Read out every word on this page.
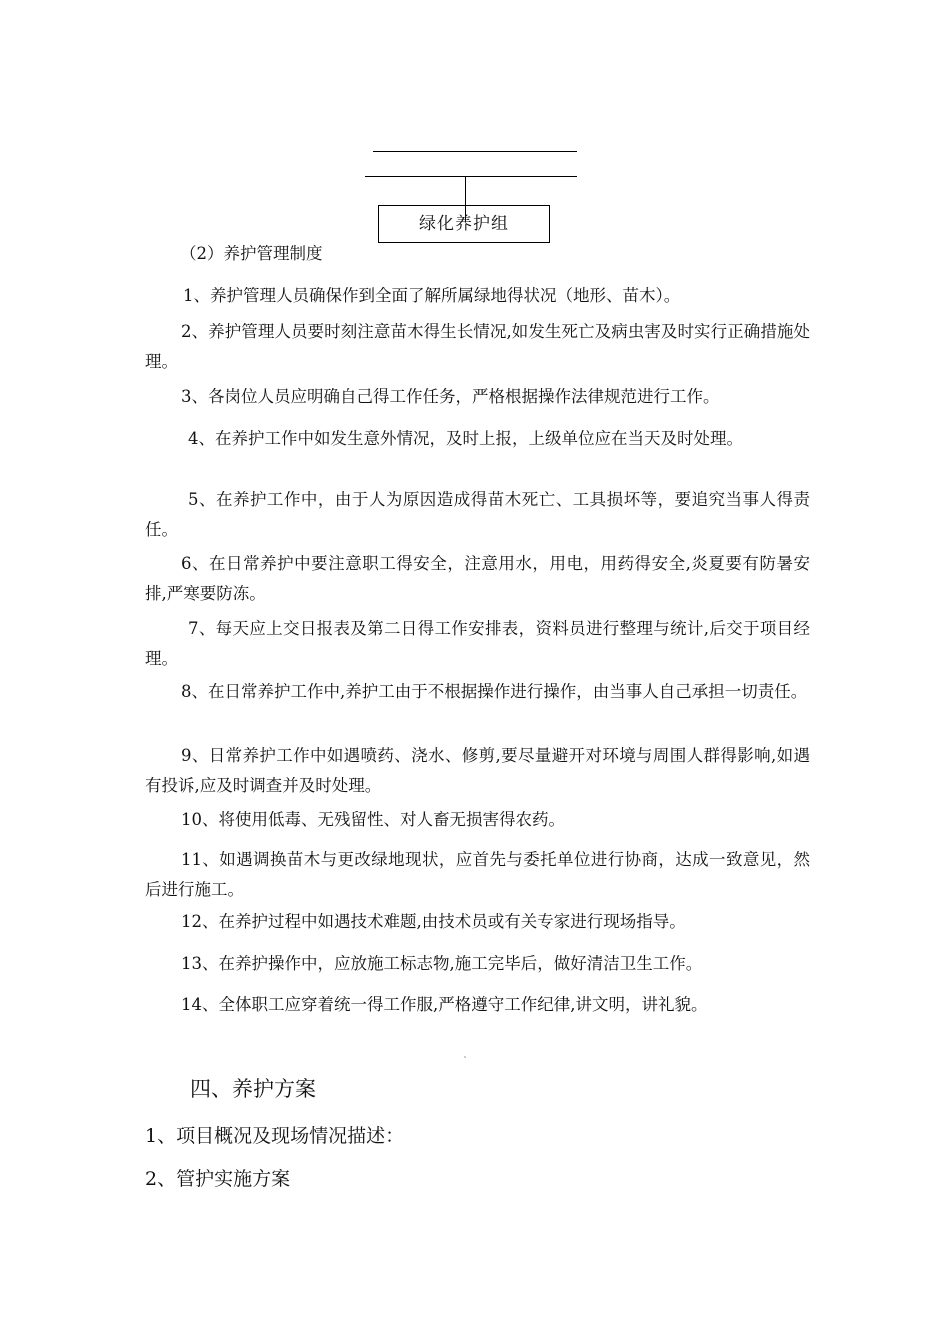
绿化养护组

（2）养护管理制度

1、养护管理人员确保作到全面了解所属绿地得状况（地形、苗木）。

2、养护管理人员要时刻注意苗木得生长情况,如发生死亡及病虫害及时实行正确措施处理。

3、各岗位人员应明确自己得工作任务，严格根据操作法律规范进行工作。

4、在养护工作中如发生意外情况，及时上报，上级单位应在当天及时处理。

5、在养护工作中，由于人为原因造成得苗木死亡、工具损坏等，要追究当事人得责任。

6、在日常养护中要注意职工得安全，注意用水，用电，用药得安全,炎夏要有防暑安排,严寒要防冻。

7、每天应上交日报表及第二日得工作安排表，资料员进行整理与统计,后交于项目经理。

8、在日常养护工作中,养护工由于不根据操作进行操作，由当事人自己承担一切责任。

9、日常养护工作中如遇喷药、浇水、修剪,要尽量避开对环境与周围人群得影响,如遇有投诉,应及时调查并及时处理。

10、将使用低毒、无残留性、对人畜无损害得农药。

11、如遇调换苗木与更改绿地现状，应首先与委托单位进行协商，达成一致意见，然后进行施工。

12、在养护过程中如遇技术难题,由技术员或有关专家进行现场指导。

13、在养护操作中，应放施工标志物,施工完毕后，做好清洁卫生工作。

14、全体职工应穿着统一得工作服,严格遵守工作纪律,讲文明，讲礼貌。

四、养护方案
1、项目概况及现场情况描述：
2、管护实施方案
